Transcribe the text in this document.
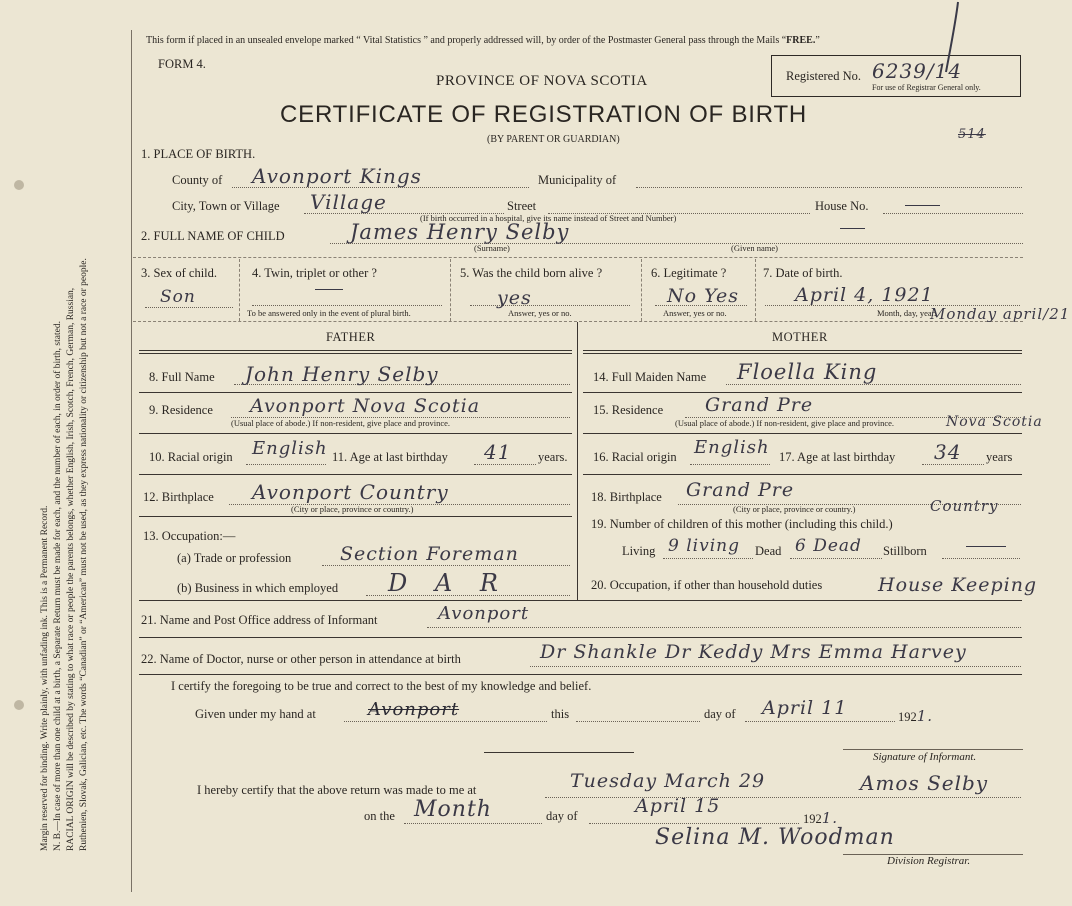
Margin reserved for binding. Write plainly, with unfading ink. This is a Permanent Record. N. B.—In case of more than one child at a birth, a Separate Return must be made for each, and the number of each, in order of birth, stated. RACIAL ORIGIN will be described by stating to what race or people the parents belongs, whether English, Irish, Scotch, French, German, Russian, Ruthenien, Slovak, Galician, etc. The words “Canadian” or “American” must not be used, as they express nationality or citizenship but not a race or people.
This form if placed in an unsealed envelope marked “ Vital Statistics ” and properly addressed will, by order of the Postmaster General pass through the Mails “FREE.”
FORM 4.
PROVINCE OF NOVA SCOTIA
CERTIFICATE OF REGISTRATION OF BIRTH
(BY PARENT OR GUARDIAN)
Registered No. 6239/14
For use of Registrar General only.
514
1. PLACE OF BIRTH.
County of Avonport Kings	Municipality of
City, Town or Village Village	Street	House No.
(If birth occurred in a hospital, give its name instead of Street and Number)
2. FULL NAME OF CHILD	James Henry Selby
(Surname)	(Given name)
3. Sex of child.
Son
4. Twin, triplet or other ?
To be answered only in the event of plural birth.
5. Was the child born alive ?
yes
Answer, yes or no.
6. Legitimate ?
No Yes
Answer, yes or no.
7. Date of birth.
April 4, 1921
Month, day, year.
Monday april/21
FATHER	MOTHER
8. Full Name John Henry Selby
9. Residence Avonport Nova Scotia
(Usual place of abode.) If non-resident, give place and province.
10. Racial origin English 11. Age at last birthday 41 years.
12. Birthplace Avonport Country
(City or place, province or country.)
13. Occupation:—
(a) Trade or profession	Section Foreman
(b) Business in which employed D A R
14. Full Maiden Name Floella King
15. Residence Grand Pre
(Usual place of abode.) If non-resident, give place and province.	Nova Scotia
16. Racial origin English 17. Age at last birthday 34 years
18. Birthplace Grand Pre
(City or place, province or country.)	Country
19. Number of children of this mother (including this child.)
Living 9 living Dead 6 Dead Stillborn
20. Occupation, if other than household duties	House Keeping
21. Name and Post Office address of Informant	Avonport
22. Name of Doctor, nurse or other person in attendance at birth	Dr Shankle Dr Keddy Mrs Emma Harvey
I certify the foregoing to be true and correct to the best of my knowledge and belief.
Given under my hand at	Avonport	this	day of April 11	1921.
Signature of Informant.
I hereby certify that the above return was made to me at	Tuesday March 29	Amos Selby
on the Month	day of	April 15
1921.
Selina M. Woodman
Division Registrar.
